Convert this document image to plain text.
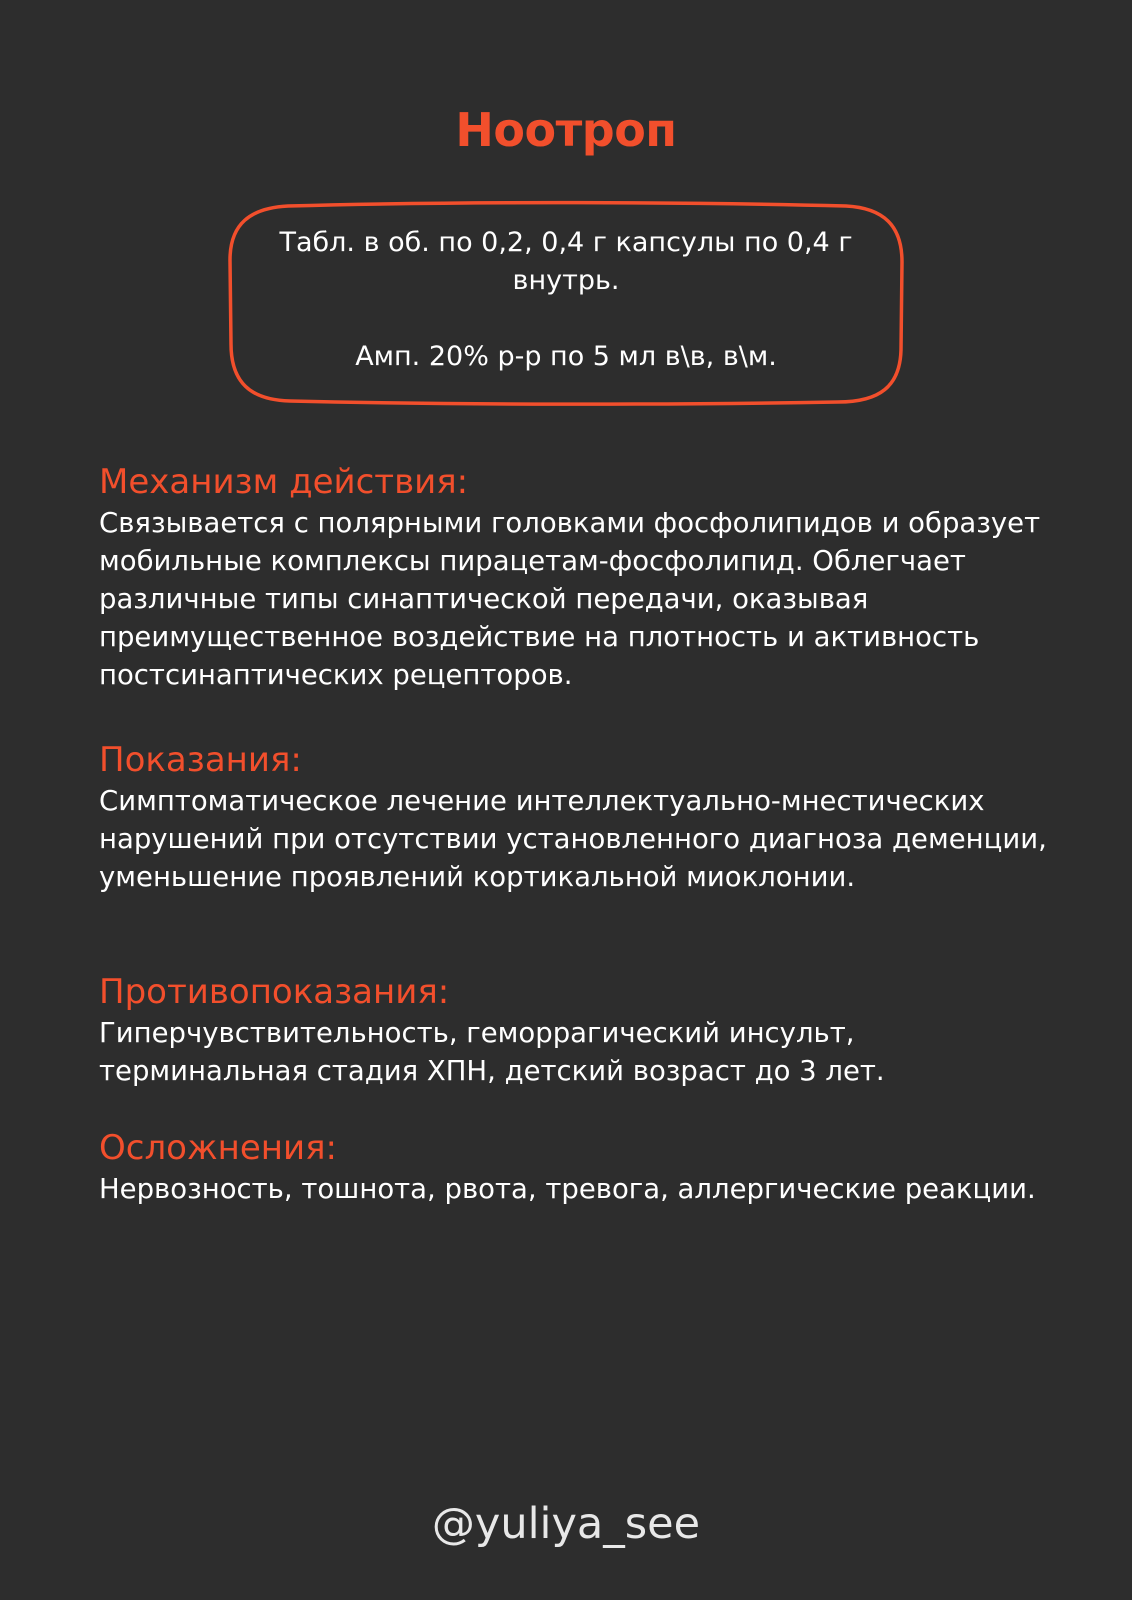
Ноотроп
Табл. в об. по 0,2, 0,4 г капсулы по 0,4 г
внутрь.
Амп. 20% р-р по 5 мл в\в, в\м.
Механизм действия:

Связывается с полярными головками фосфолипидов и образует мобильные комплексы пирацетам-фосфолипид. Облегчает различные типы синаптической передачи, оказывая преимущественное воздействие на плотность и активность постсинаптических рецепторов.

Показания:

Симптоматическое лечение интеллектуально-мнестических нарушений при отсутствии установленного диагноза деменции, уменьшение проявлений кортикальной миоклонии.

Противопоказания:

Гиперчувствительность, геморрагический инсульт, терминальная стадия ХПН, детский возраст до 3 лет.

Осложнения:

Нервозность, тошнота, рвота, тревога, аллергические реакции.

@yuliya_see
